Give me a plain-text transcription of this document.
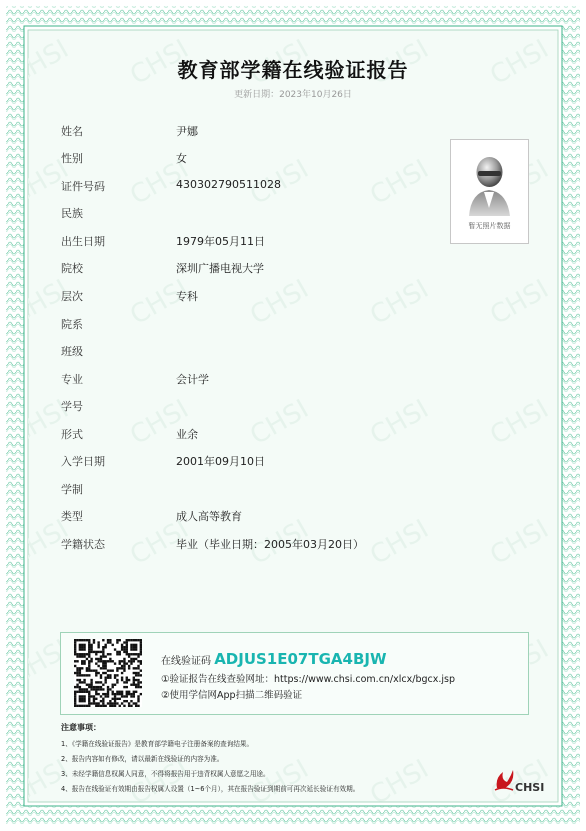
教育部学籍在线验证报告
更新日期：2023年10月26日
姓名	尹娜
性别	女
证件号码	430302790511028
民族
出生日期	1979年05月11日
院校	深圳广播电视大学
层次	专科
院系
班级
专业	会计学
学号
形式	业余
入学日期	2001年09月10日
学制
类型	成人高等教育
学籍状态	毕业（毕业日期：2005年03月20日）
暂无照片数据
在线验证码 ADJUS1E07TGA4BJW
①验证报告在线查验网址：https://www.chsi.com.cn/xlcx/bgcx.jsp
②使用学信网App扫描二维码验证
注意事项：
1、《学籍在线验证报告》是教育部学籍电子注册备案的查询结果。
2、报告内容如有修改，请以最新在线验证的内容为准。
3、未经学籍信息权属人同意，不得将报告用于违背权属人意愿之用途。
4、报告在线验证有效期由报告权属人设置（1~6个月），其在报告验证到期前可再次延长验证有效期。	CHSI
